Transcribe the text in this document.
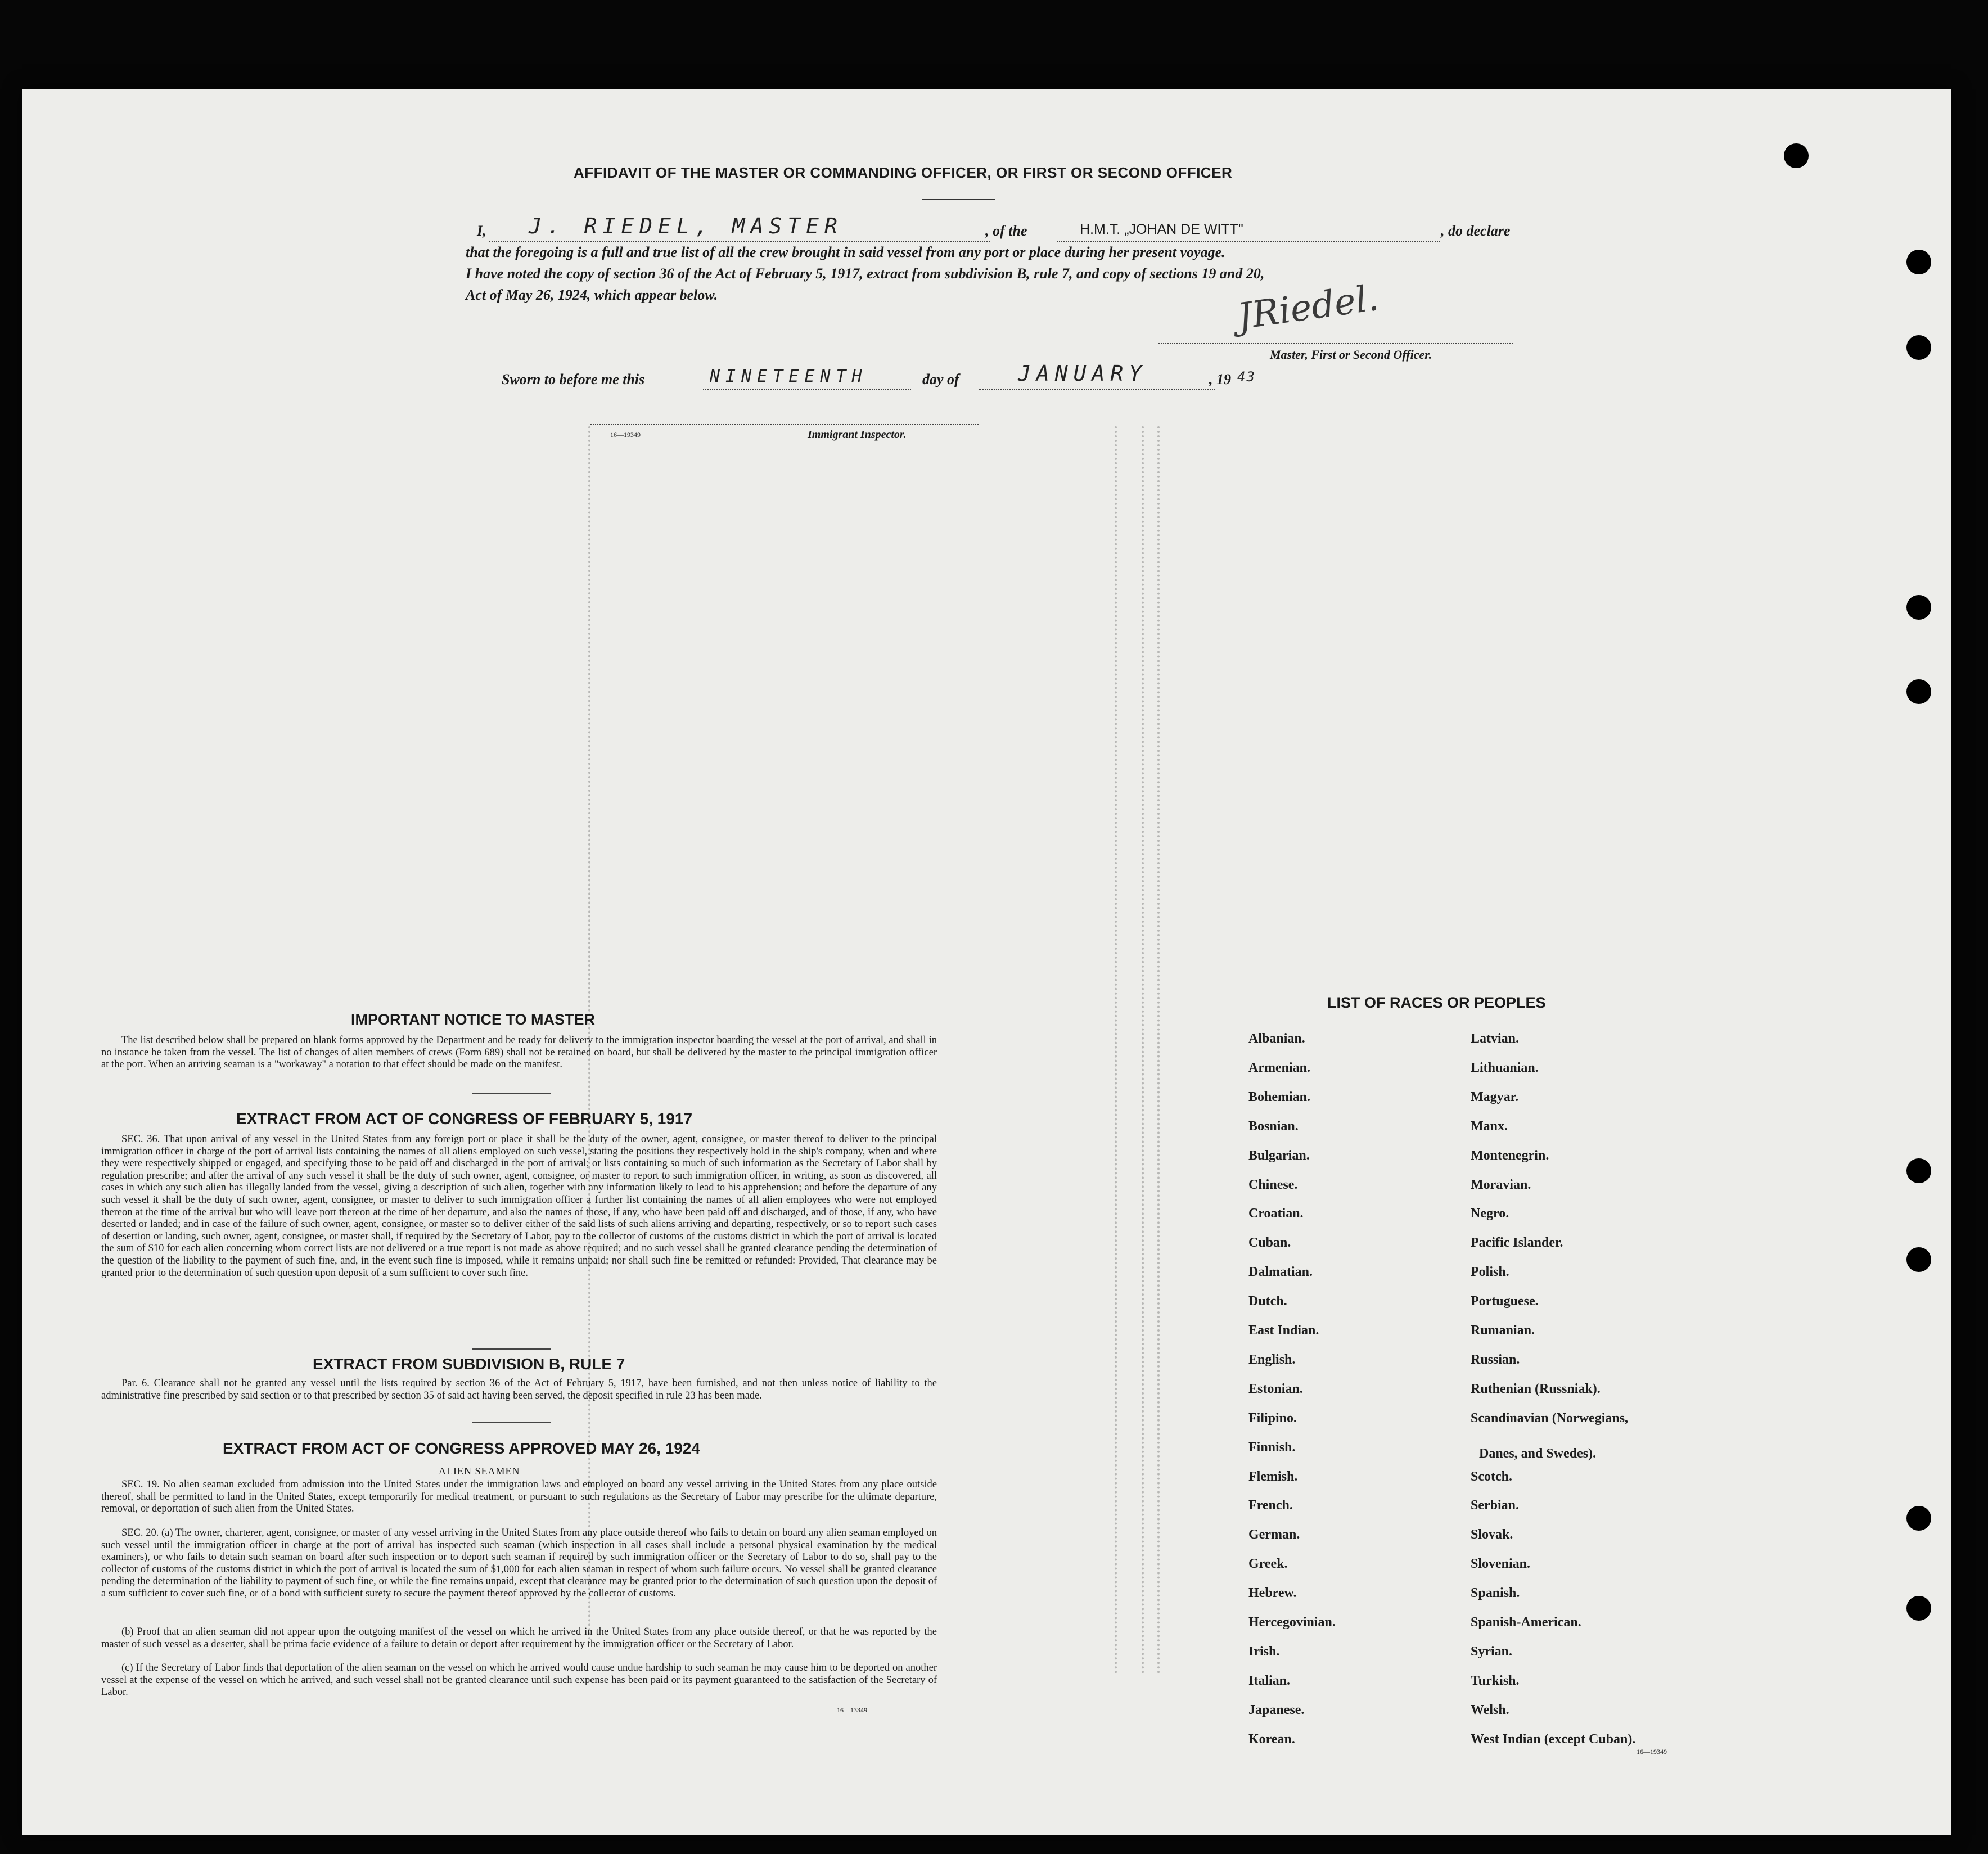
AFFIDAVIT OF THE MASTER OR COMMANDING OFFICER, OR FIRST OR SECOND OFFICER
I, J. RIEDEL, MASTER	, of the	H.M.T. „JOHAN DE WITT"	, do declare
that the foregoing is a full and true list of all the crew brought in said vessel from any port or place during her present voyage.
I have noted the copy of section 36 of the Act of February 5, 1917, extract from subdivision B, rule 7, and copy of sections 19 and 20,
Act of May 26, 1924, which appear below.	JRiedel.
Master, First or Second Officer.
Sworn to before me this	NINETEENTH	day of	JANUARY	, 19 43
16—19349	Immigrant Inspector.
IMPORTANT NOTICE TO MASTER
The list described below shall be prepared on blank forms approved by the Department and be ready for delivery to the immigration inspector boarding the vessel at the port of arrival, and shall in no instance be taken from the vessel. The list of changes of alien members of crews (Form 689) shall not be retained on board, but shall be delivered by the master to the principal immigration officer at the port. When an arriving seaman is a "workaway" a notation to that effect should be made on the manifest.
EXTRACT FROM ACT OF CONGRESS OF FEBRUARY 5, 1917
SEC. 36. That upon arrival of any vessel in the United States from any foreign port or place it shall be the duty of the owner, agent, consignee, or master thereof to deliver to the principal immigration officer in charge of the port of arrival lists containing the names of all aliens employed on such vessel, stating the positions they respectively hold in the ship's company, when and where they were respectively shipped or engaged, and specifying those to be paid off and discharged in the port of arrival; or lists containing so much of such information as the Secretary of Labor shall by regulation prescribe; and after the arrival of any such vessel it shall be the duty of such owner, agent, consignee, or master to report to such immigration officer, in writing, as soon as discovered, all cases in which any such alien has illegally landed from the vessel, giving a description of such alien, together with any information likely to lead to his apprehension; and before the departure of any such vessel it shall be the duty of such owner, agent, consignee, or master to deliver to such immigration officer a further list containing the names of all alien employees who were not employed thereon at the time of the arrival but who will leave port thereon at the time of her departure, and also the names of those, if any, who have been paid off and discharged, and of those, if any, who have deserted or landed; and in case of the failure of such owner, agent, consignee, or master so to deliver either of the said lists of such aliens arriving and departing, respectively, or so to report such cases of desertion or landing, such owner, agent, consignee, or master shall, if required by the Secretary of Labor, pay to the collector of customs of the customs district in which the port of arrival is located the sum of $10 for each alien concerning whom correct lists are not delivered or a true report is not made as above required; and no such vessel shall be granted clearance pending the determination of the question of the liability to the payment of such fine, and, in the event such fine is imposed, while it remains unpaid; nor shall such fine be remitted or refunded: Provided, That clearance may be granted prior to the determination of such question upon deposit of a sum sufficient to cover such fine.
EXTRACT FROM SUBDIVISION B, RULE 7
Par. 6. Clearance shall not be granted any vessel until the lists required by section 36 of the Act of February 5, 1917, have been furnished, and not then unless notice of liability to the administrative fine prescribed by said section or to that prescribed by section 35 of said act having been served, the deposit specified in rule 23 has been made.
EXTRACT FROM ACT OF CONGRESS APPROVED MAY 26, 1924
ALIEN SEAMEN
SEC. 19. No alien seaman excluded from admission into the United States under the immigration laws and employed on board any vessel arriving in the United States from any place outside thereof, shall be permitted to land in the United States, except temporarily for medical treatment, or pursuant to such regulations as the Secretary of Labor may prescribe for the ultimate departure, removal, or deportation of such alien from the United States.
SEC. 20. (a) The owner, charterer, agent, consignee, or master of any vessel arriving in the United States from any place outside thereof who fails to detain on board any alien seaman employed on such vessel until the immigration officer in charge at the port of arrival has inspected such seaman (which inspection in all cases shall include a personal physical examination by the medical examiners), or who fails to detain such seaman on board after such inspection or to deport such seaman if required by such immigration officer or the Secretary of Labor to do so, shall pay to the collector of customs of the customs district in which the port of arrival is located the sum of $1,000 for each alien seaman in respect of whom such failure occurs. No vessel shall be granted clearance pending the determination of the liability to payment of such fine, or while the fine remains unpaid, except that clearance may be granted prior to the determination of such question upon the deposit of a sum sufficient to cover such fine, or of a bond with sufficient surety to secure the payment thereof approved by the collector of customs.
(b) Proof that an alien seaman did not appear upon the outgoing manifest of the vessel on which he arrived in the United States from any place outside thereof, or that he was reported by the master of such vessel as a deserter, shall be prima facie evidence of a failure to detain or deport after requirement by the immigration officer or the Secretary of Labor.
(c) If the Secretary of Labor finds that deportation of the alien seaman on the vessel on which he arrived would cause undue hardship to such seaman he may cause him to be deported on another vessel at the expense of the vessel on which he arrived, and such vessel shall not be granted clearance until such expense has been paid or its payment guaranteed to the satisfaction of the Secretary of Labor.
16—13349
LIST OF RACES OR PEOPLES
Albanian.
Armenian.
Bohemian.
Bosnian.
Bulgarian.
Chinese.
Croatian.
Cuban.
Dalmatian.
Dutch.
East Indian.
English.
Estonian.
Filipino.
Finnish.
Flemish.
French.
German.
Greek.
Hebrew.
Hercegovinian.
Irish.
Italian.
Japanese.
Korean.
Latvian.
Lithuanian.
Magyar.
Manx.
Montenegrin.
Moravian.
Negro.
Pacific Islander.
Polish.
Portuguese.
Rumanian.
Russian.
Ruthenian (Russniak).
Scandinavian (Norwegians,
Scotch.
Serbian.
Slovak.
Slovenian.
Spanish.
Spanish-American.
Syrian.
Turkish.
Welsh.
West Indian (except Cuban).
Danes, and Swedes).
16—19349
